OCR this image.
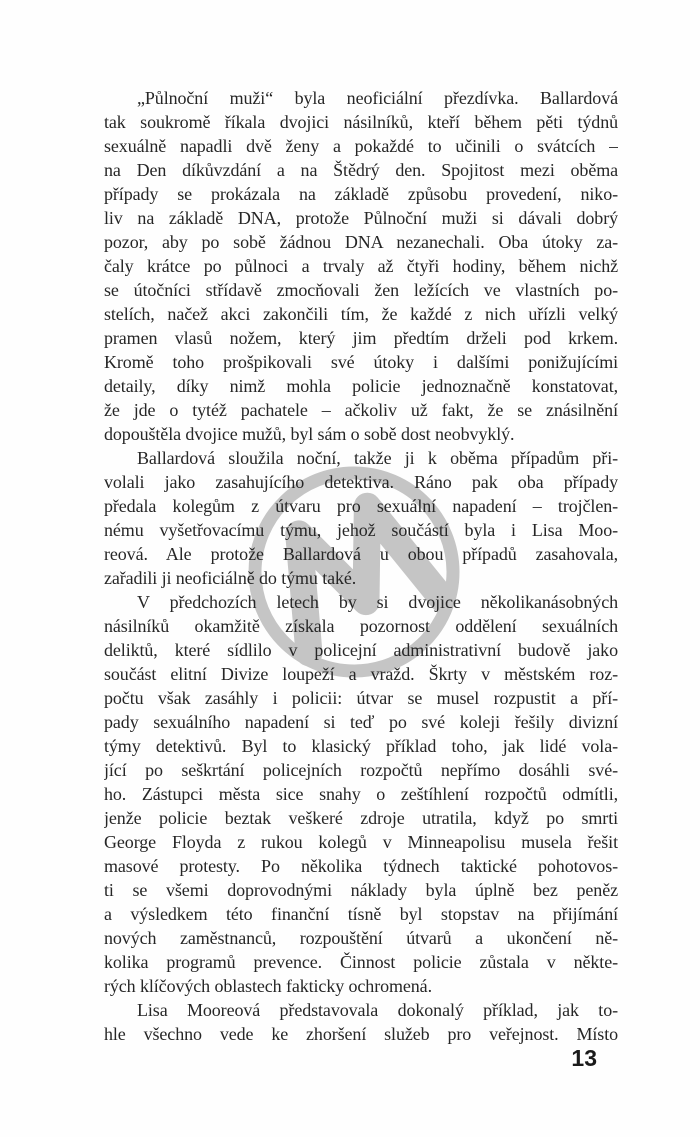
„Půlnoční muži“ byla neoficiální přezdívka. Ballardová
tak soukromě říkala dvojici násilníků, kteří během pěti týdnů
sexuálně napadli dvě ženy a pokaždé to učinili o svátcích –
na Den díkůvzdání a na Štědrý den. Spojitost mezi oběma
případy se prokázala na základě způsobu provedení, niko-
liv na základě DNA, protože Půlnoční muži si dávali dobrý
pozor, aby po sobě žádnou DNA nezanechali. Oba útoky za-
čaly krátce po půlnoci a trvaly až čtyři hodiny, během nichž
se útočníci střídavě zmocňovali žen ležících ve vlastních po-
stelích, načež akci zakončili tím, že každé z nich uřízli velký
pramen vlasů nožem, který jim předtím drželi pod krkem.
Kromě toho prošpikovali své útoky i dalšími ponižujícími
detaily, díky nimž mohla policie jednoznačně konstatovat,
že jde o tytéž pachatele – ačkoliv už fakt, že se znásilnění
dopouštěla dvojice mužů, byl sám o sobě dost neobvyklý.
Ballardová sloužila noční, takže ji k oběma případům při-
volali jako zasahujícího detektiva. Ráno pak oba případy
předala kolegům z útvaru pro sexuální napadení – trojčlen-
nému vyšetřovacímu týmu, jehož součástí byla i Lisa Moo-
reová. Ale protože Ballardová u obou případů zasahovala,
zařadili ji neoficiálně do týmu také.
V předchozích letech by si dvojice několikanásobných
násilníků okamžitě získala pozornost oddělení sexuálních
deliktů, které sídlilo v policejní administrativní budově jako
součást elitní Divize loupeží a vražd. Škrty v městském roz-
počtu však zasáhly i policii: útvar se musel rozpustit a pří-
pady sexuálního napadení si teď po své koleji řešily divizní
týmy detektivů. Byl to klasický příklad toho, jak lidé vola-
jící po seškrtání policejních rozpočtů nepřímo dosáhli své-
ho. Zástupci města sice snahy o zeštíhlení rozpočtů odmítli,
jenže policie beztak veškeré zdroje utratila, když po smrti
George Floyda z rukou kolegů v Minneapolisu musela řešit
masové protesty. Po několika týdnech taktické pohotovos-
ti se všemi doprovodnými náklady byla úplně bez peněz
a výsledkem této finanční tísně byl stopstav na přijímání
nových zaměstnanců, rozpouštění útvarů a ukončení ně-
kolika programů prevence. Činnost policie zůstala v někte-
rých klíčových oblastech fakticky ochromená.
Lisa Mooreová představovala dokonalý příklad, jak to-
hle všechno vede ke zhoršení služeb pro veřejnost. Místo
13
